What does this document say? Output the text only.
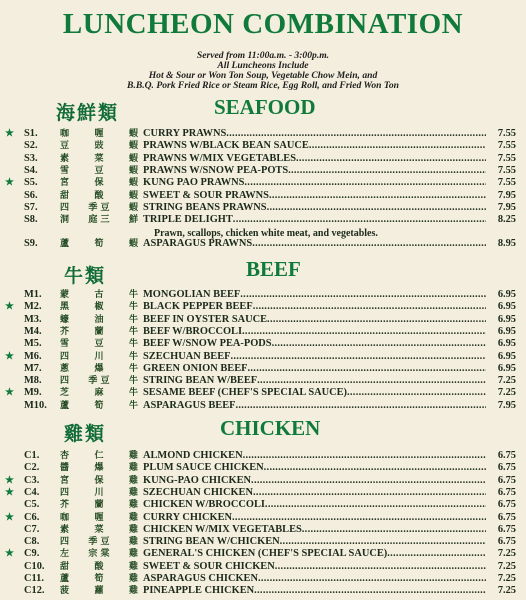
LUNCHEON COMBINATION
Served from 11:00a.m. - 3:00p.m.
All Luncheons Include
Hot & Sour or Won Ton Soup, Vegetable Chow Mein, and
B.B.Q. Pork Fried Rice or Steam Rice, Egg Roll, and Fried Won Ton
海鮮類	SEAFOOD
★ S1.	咖	喱	蝦 CURRY PRAWNS .....	7.55
S2.	豆	豉	蝦 PRAWNS W/BLACK BEAN SAUCE .....	7.55
S3.	素	菜	蝦 PRAWNS W/MIX VEGETABLES .....	7.55
S4.	雪	豆	蝦 PRAWNS W/SNOW PEA-POTS .....	7.55
★ S5.	宮	保	蝦 KUNG PAO PRAWNS .....	7.55
S6.	甜	酸	蝦 SWEET & SOUR PRAWNS .....	7.95
S7.	四 季 豆 蝦 STRING BEANS PRAWNS .....	7.95
S8.	洞 庭 三 鮮 TRIPLE DELIGHT .....	8.25
S9.	蘆	筍	蝦 ASPARAGUS PRAWNS .....	8.95
Prawn, scallops, chicken white meat, and vegetables.
牛類	BEEF
M1.	蒙	古	牛 MONGOLIAN BEEF .....	6.95
★ M2.	黑	椒	牛 BLACK PEPPER BEEF .....	6.95
M3.	蠔	油	牛 BEEF IN OYSTER SAUCE .....	6.95
M4.	芥	蘭	牛 BEEF W/BROCCOLI .....	6.95
M5.	雪	豆	牛 BEEF W/SNOW PEA-PODS .....	6.95
★ M6.	四	川	牛 SZECHUAN BEEF .....	6.95
M7.	蔥	爆	牛 GREEN ONION BEEF .....	6.95
M8.	四 季 豆 牛 STRING BEAN W/BEEF .....	7.25
★ M9.	芝	麻	牛 SESAME BEEF (CHEF'S SPECIAL SAUCE) .....	7.25
M10.	蘆	筍	牛 ASPARAGUS BEEF .....	7.95
雞類	CHICKEN
C1.	杏	仁	雞 ALMOND CHICKEN .....	6.75
C2.	醬	爆	雞 PLUM SAUCE CHICKEN .....	6.75
★ C3.	宮	保	雞 KUNG-PAO CHICKEN .....	6.75
★ C4.	四	川	雞 SZECHUAN CHICKEN .....	6.75
C5.	芥	蘭	雞 CHICKEN W/BROCCOLI .....	6.75
★ C6.	咖	喱	雞 CURRY CHICKEN .....	6.75
C7.	素	菜	雞 CHICKEN W/MIX VEGETABLES .....	6.75
C8.	四 季 豆 雞 STRING BEAN W/CHICKEN .....	6.75
★ C9.	左 宗 棠 雞 GENERAL'S CHICKEN (CHEF'S SPECIAL SAUCE) .....	7.25
C10.	甜	酸	雞 SWEET & SOUR CHICKEN .....	7.25
C11.	蘆	筍	雞 ASPARAGUS CHICKEN .....	7.25
C12.	菠	蘿	雞 PINEAPPLE CHICKEN .....	7.25
